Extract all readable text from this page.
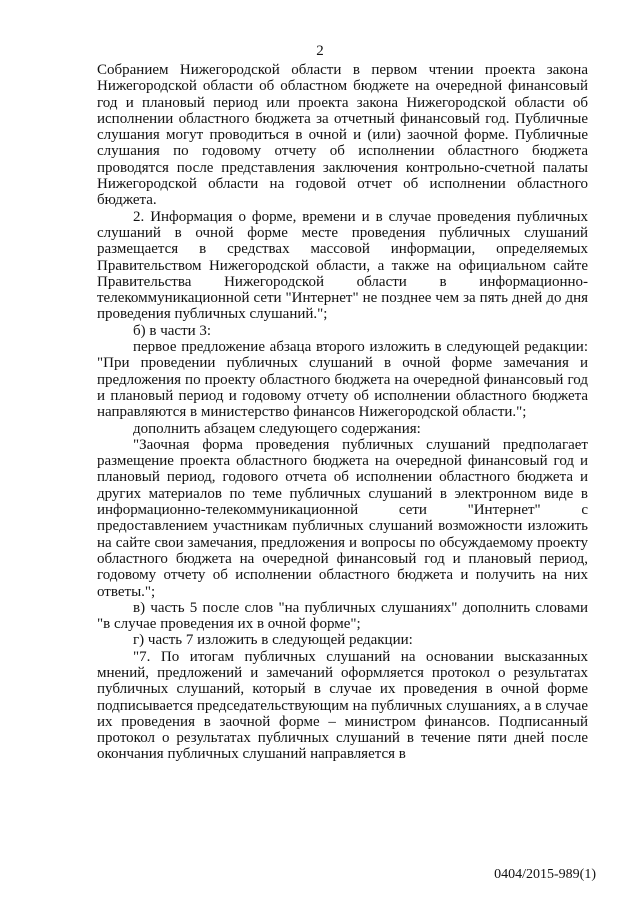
2

Собранием Нижегородской области в первом чтении проекта закона Нижегородской области об областном бюджете на очередной финансовый год и плановый период или проекта закона Нижегородской области об исполнении областного бюджета за отчетный финансовый год. Публичные слушания могут проводиться в очной и (или) заочной форме. Публичные слушания по годовому отчету об исполнении областного бюджета проводятся после представления заключения контрольно-счетной палаты Нижегородской области на годовой отчет об исполнении областного бюджета.

2. Информация о форме, времени и в случае проведения публичных слушаний в очной форме месте проведения публичных слушаний размещается в средствах массовой информации, определяемых Правительством Нижегородской области, а также на официальном сайте Правительства Нижегородской области в информационно-телекоммуникационной сети "Интернет" не позднее чем за пять дней до дня проведения публичных слушаний.";

б) в части 3:

первое предложение абзаца второго изложить в следующей редакции: "При проведении публичных слушаний в очной форме замечания и предложения по проекту областного бюджета на очередной финансовый год и плановый период и годовому отчету об исполнении областного бюджета направляются в министерство финансов Нижегородской области.";

дополнить абзацем следующего содержания:

"Заочная форма проведения публичных слушаний предполагает размещение проекта областного бюджета на очередной финансовый год и плановый период, годового отчета об исполнении областного бюджета и других материалов по теме публичных слушаний в электронном виде в информационно-телекоммуникационной сети "Интернет" с предоставлением участникам публичных слушаний возможности изложить на сайте свои замечания, предложения и вопросы по обсуждаемому проекту областного бюджета на очередной финансовый год и плановый период, годовому отчету об исполнении областного бюджета и получить на них ответы.";

в) часть 5 после слов "на публичных слушаниях" дополнить словами "в случае проведения их в очной форме";

г) часть 7 изложить в следующей редакции:

"7. По итогам публичных слушаний на основании высказанных мнений, предложений и замечаний оформляется протокол о результатах публичных слушаний, который в случае их проведения в очной форме подписывается председательствующим на публичных слушаниях, а в случае их проведения в заочной форме – министром финансов. Подписанный протокол о результатах публичных слушаний в течение пяти дней после окончания публичных слушаний направляется в

0404/2015-989(1)
